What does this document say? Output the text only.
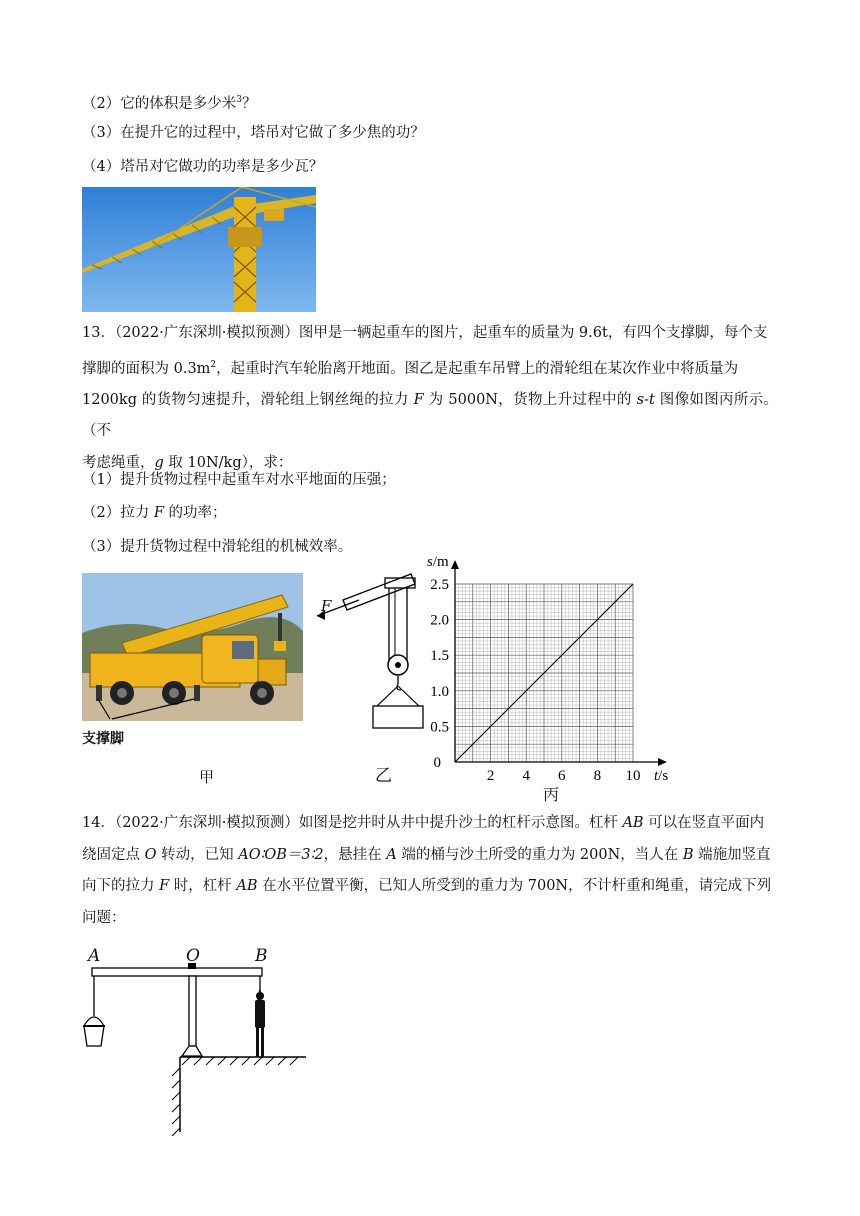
（2）它的体积是多少米$^3$？
（3）在提升它的过程中，塔吊对它做了多少焦的功？
（4）塔吊对它做功的功率是多少瓦？
13．（2022·广东深圳·模拟预测）图甲是一辆起重车的图片，起重车的质量为 9.6t，有四个支撑脚，每个支
撑脚的面积为 $0.3m^2$，起重时汽车轮胎离开地面。图乙是起重车吊臂上的滑轮组在某次作业中将质量为
1200kg 的货物匀速提升，滑轮组上钢丝绳的拉力 F 为 5000N，货物上升过程中的 s-t 图像如图丙所示。（不
考虑绳重，g 取 10N/kg），求：
（1）提升货物过程中起重车对水平地面的压强；
（2）拉力 F 的功率；
（3）提升货物过程中滑轮组的机械效率。
支撑脚
甲
F
乙	2 4 6 8 10
0.5
1.0
1.5
2.0
2.5
0
t/s
s/m
丙
14．（2022·广东深圳·模拟预测）如图是挖井时从井中提升沙土的杠杆示意图。杠杆 AB 可以在竖直平面内
绕固定点 O 转动，已知 AO∶OB＝3∶2，悬挂在 A 端的桶与沙土所受的重力为 200N，当人在 B 端施加竖直
向下的拉力 F 时，杠杆 AB 在水平位置平衡，已知人所受到的重力为 700N，不计杆重和绳重，请完成下列
问题：
A	O	B
